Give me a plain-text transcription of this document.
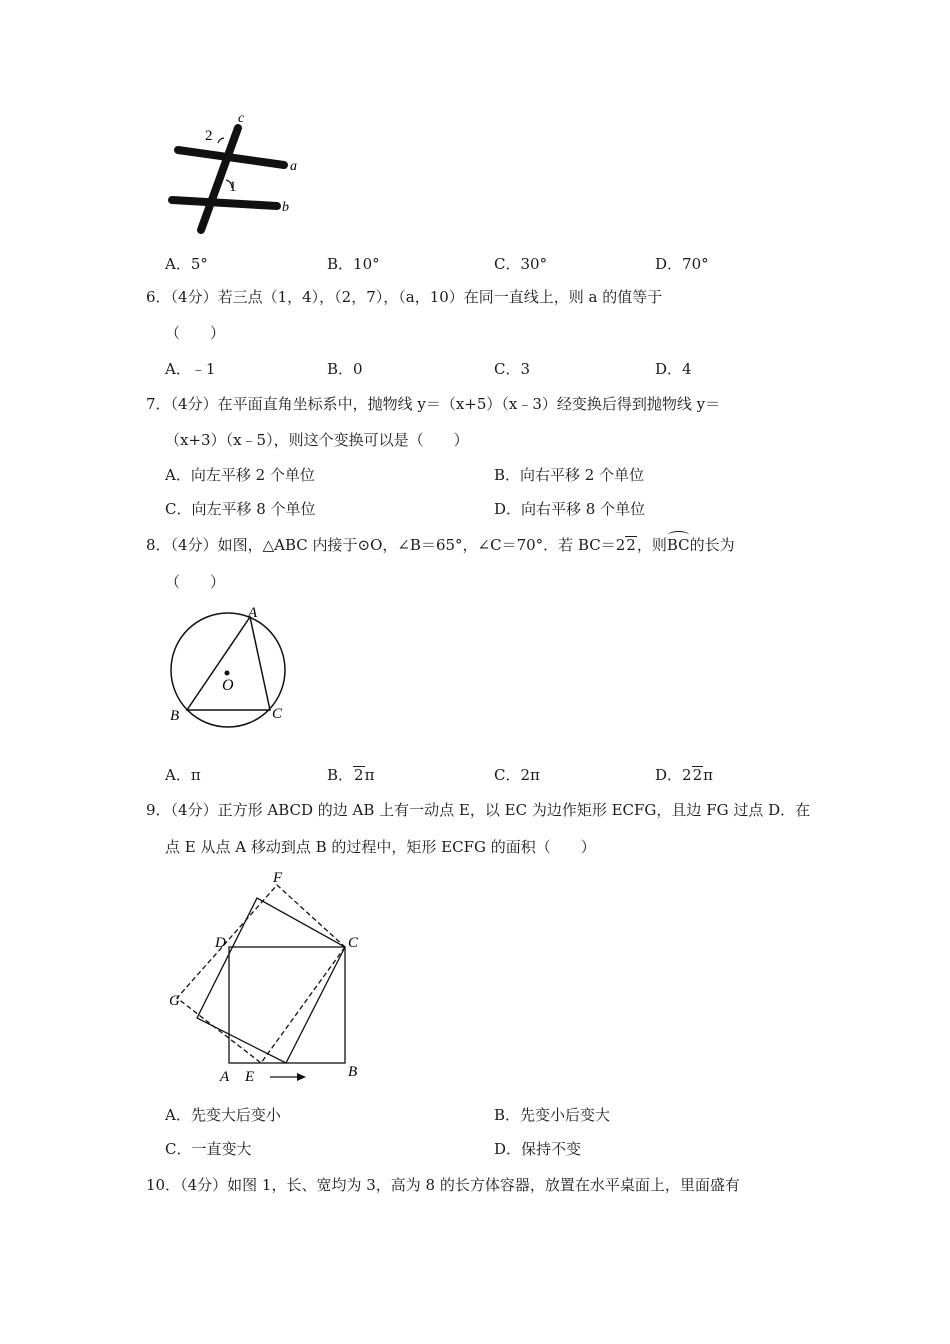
c
2
1
a
b
A．5°	B．10°	C．30°	D．70°
6．（4分）若三点（1，4），（2，7），（a，10）在同一直线上，则 a 的值等于
（　　）
A．﹣1	B．0	C．3	D．4
7．（4分）在平面直角坐标系中，抛物线 y＝（x+5）（x﹣3）经变换后得到抛物线 y＝
（x+3）（x﹣5），则这个变换可以是（　　）
A．向左平移 2 个单位	B．向右平移 2 个单位
C．向左平移 8 个单位	D．向右平移 8 个单位
8．（4分）如图，△ABC 内接于⊙O，∠B＝65°，∠C＝70°．若 BC＝22，则BC的长为
（　　）
A
O
B	C
A．π	B．2π	C．2π	D．22π
9．（4分）正方形 ABCD 的边 AB 上有一动点 E，以 EC 为边作矩形 ECFG，且边 FG 过点 D．在
点 E 从点 A 移动到点 B 的过程中，矩形 ECFG 的面积（　　）
F
D	C
G
A E	B
A．先变大后变小	B．先变小后变大
C．一直变大	D．保持不变
10．（4分）如图 1，长、宽均为 3，高为 8 的长方体容器，放置在水平桌面上，里面盛有
